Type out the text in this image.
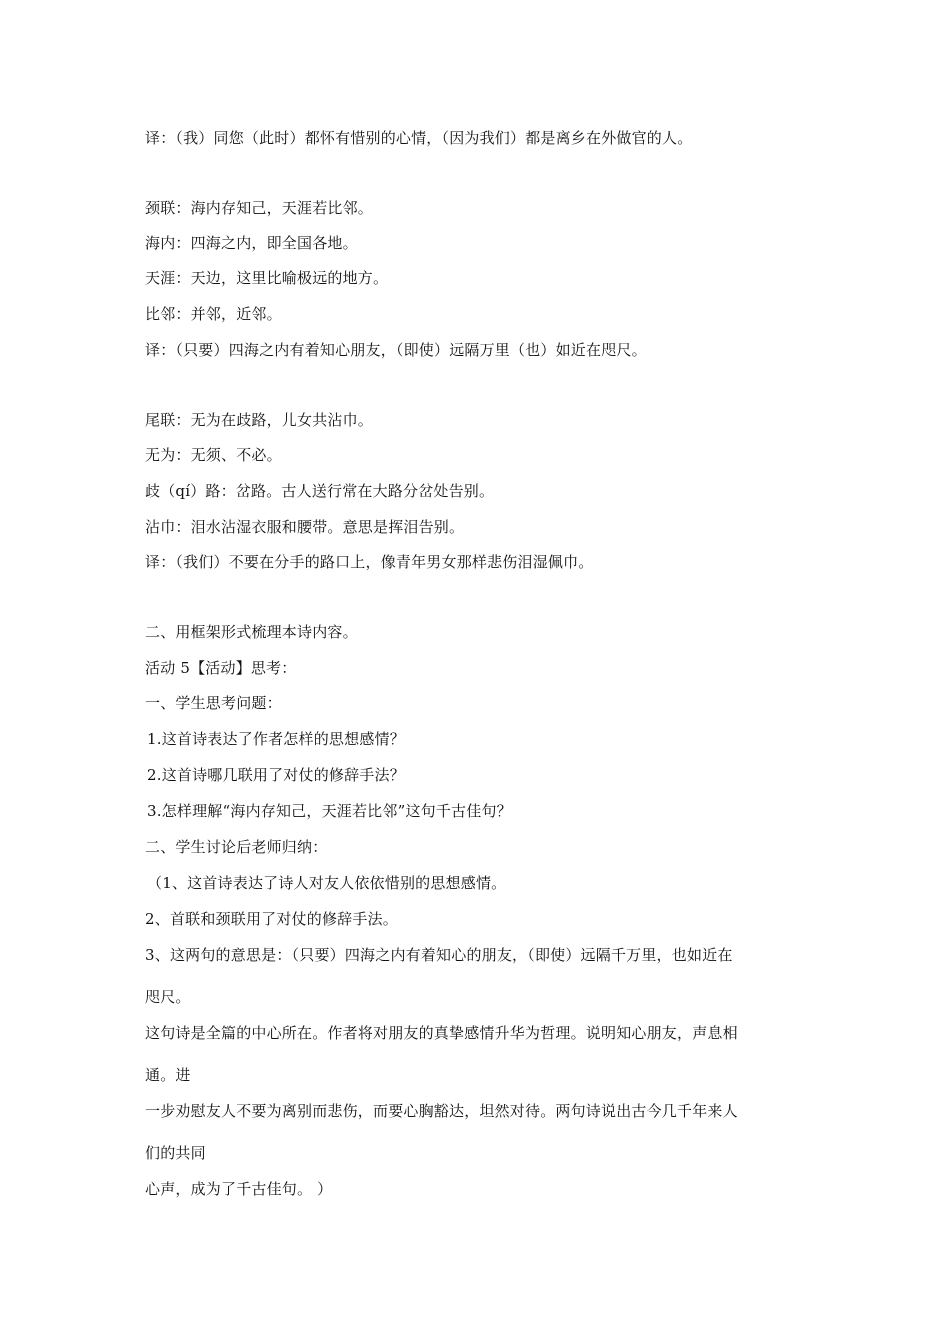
译：（我）同您（此时）都怀有惜别的心情，（因为我们）都是离乡在外做官的人。
颈联：海内存知己，天涯若比邻。
海内：四海之内，即全国各地。
天涯：天边，这里比喻极远的地方。
比邻：并邻，近邻。
译：（只要）四海之内有着知心朋友，（即使）远隔万里（也）如近在咫尺。
尾联：无为在歧路，儿女共沾巾。
无为：无须、不必。
歧（qí）路：岔路。古人送行常在大路分岔处告别。
沾巾：泪水沾湿衣服和腰带。意思是挥泪告别。
译：（我们）不要在分手的路口上，像青年男女那样悲伤泪湿佩巾。
二、用框架形式梳理本诗内容。
活动 5【活动】思考：
一、学生思考问题：
1.这首诗表达了作者怎样的思想感情？
2.这首诗哪几联用了对仗的修辞手法？
3.怎样理解“海内存知己，天涯若比邻”这句千古佳句？
二、学生讨论后老师归纳：
（1、这首诗表达了诗人对友人依依惜别的思想感情。
2、首联和颈联用了对仗的修辞手法。
3、这两句的意思是：（只要）四海之内有着知心的朋友，（即使）远隔千万里，也如近在
咫尺。
这句诗是全篇的中心所在。作者将对朋友的真挚感情升华为哲理。说明知心朋友，声息相
通。进
一步劝慰友人不要为离别而悲伤，而要心胸豁达，坦然对待。两句诗说出古今几千年来人
们的共同
心声，成为了千古佳句。 ）
